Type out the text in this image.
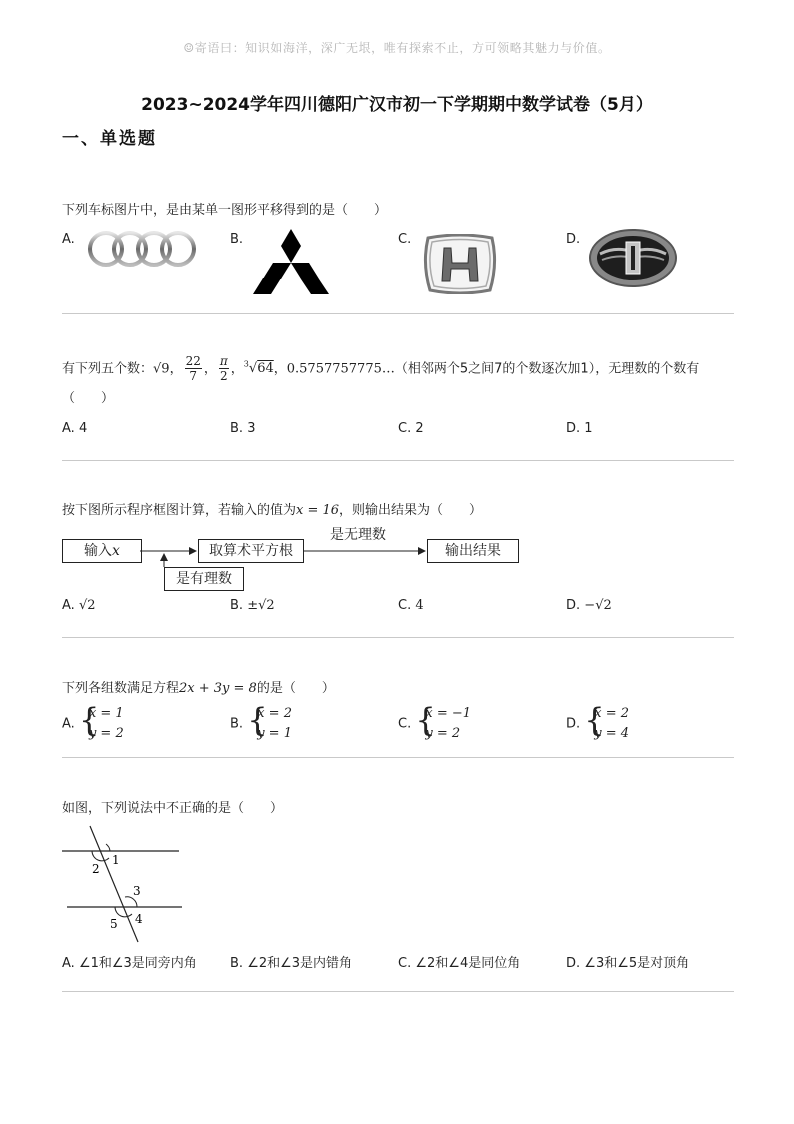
☺寄语曰：知识如海洋，深广无垠，唯有探索不止，方可领略其魅力与价值。
2023~2024学年四川德阳广汉市初一下学期期中数学试卷（5月）
一、单选题
下列车标图片中，是由某单一图形平移得到的是（　　）
A.	B.	C.	D.
有下列五个数：√9， $\frac{22}{7}$ ， $\frac{\pi}{2}$ ，$^3$√64，0.5757757775…（相邻两个5之间7的个数逐次加1），无理数的个数有
（　　）
A. 4	B. 3	C. 2	D. 1
按下图所示程序框图计算，若输入的值为x = 16，则输出结果为（　　）
输入x	取算术平方根	输出结果
是无理数
是有理数
A. √2	B. ±√2	C. 4	D. −√2
下列各组数满足方程2x + 3y = 8的是（　　）
A. {
x = 1
y = 2
B. {
x = 2
y = 1
C. {
x = −1
y = 2
D. {
x = 2
y = 4
如图，下列说法中不正确的是（　　）
1
2
3
4
5
A. ∠1和∠3是同旁内角	B. ∠2和∠3是内错角	C. ∠2和∠4是同位角	D. ∠3和∠5是对顶角
